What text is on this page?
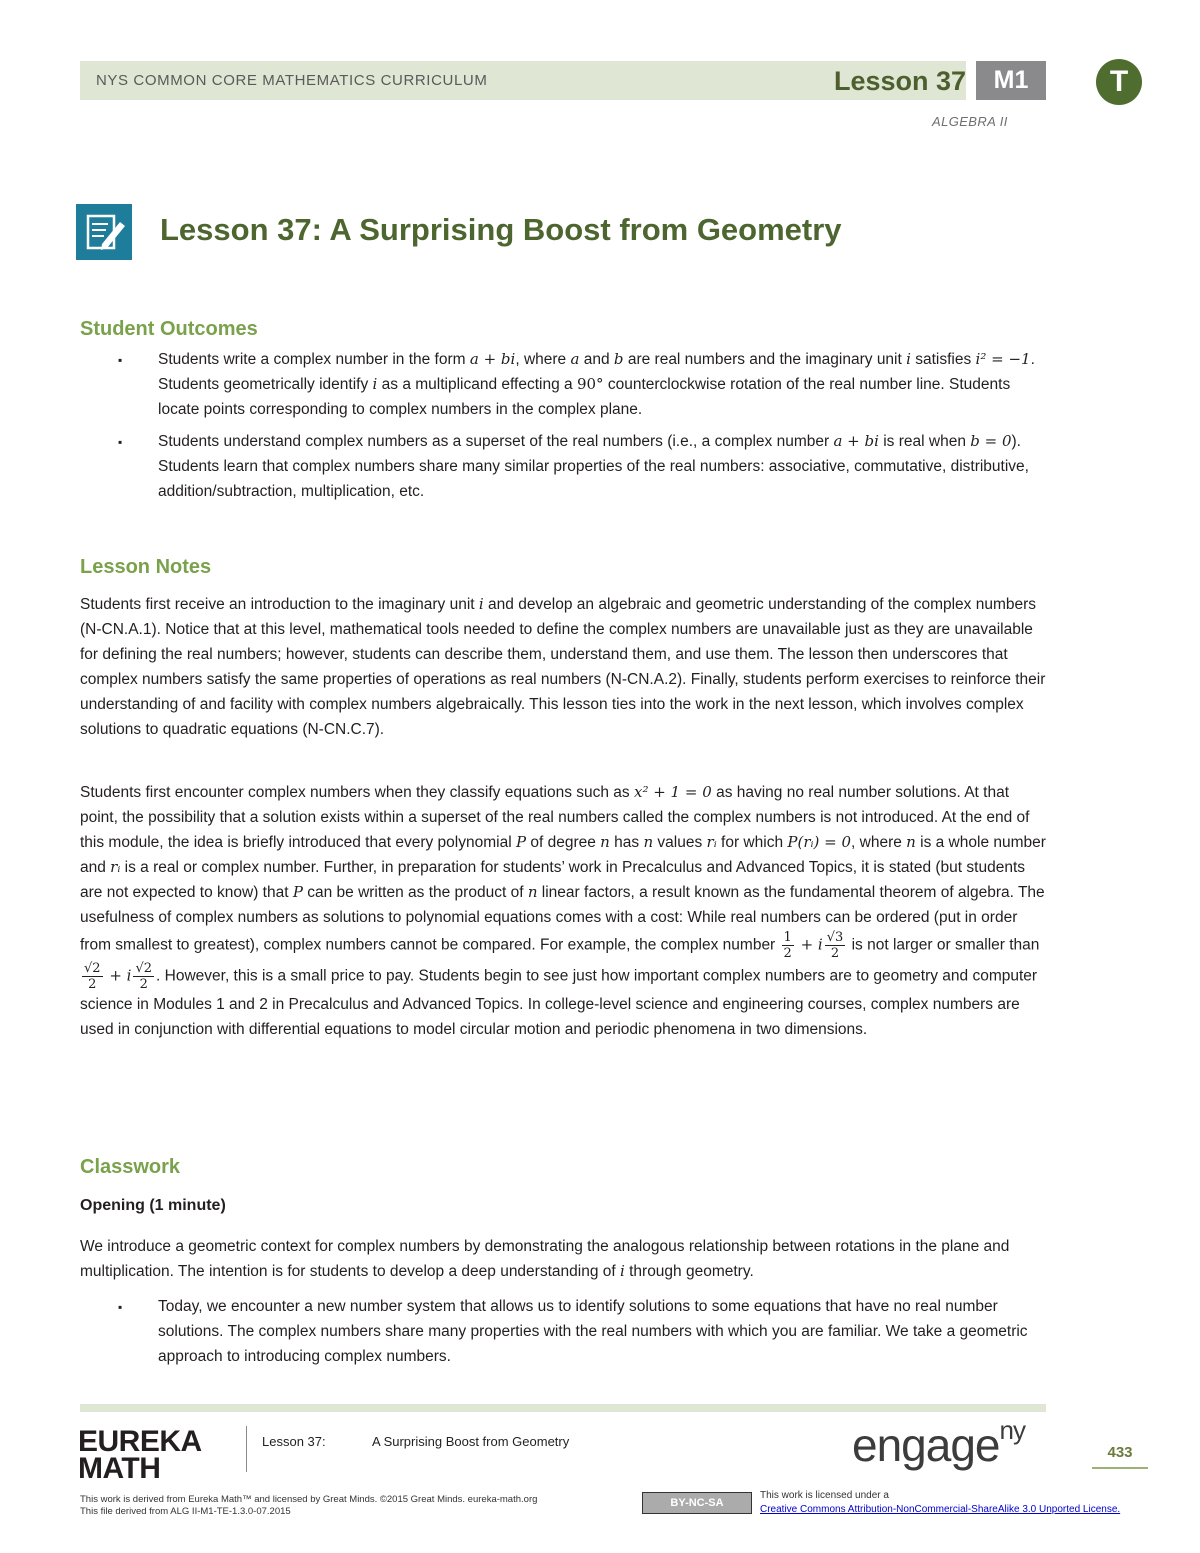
NYS COMMON CORE MATHEMATICS CURRICULUM	Lesson 37	M1	T
ALGEBRA II
Lesson 37: A Surprising Boost from Geometry
Student Outcomes
▪ Students write a complex number in the form a + bi, where a and b are real numbers and the imaginary unit i satisfies i² = −1. Students geometrically identify i as a multiplicand effecting a 90° counterclockwise rotation of the real number line. Students locate points corresponding to complex numbers in the complex plane.
▪ Students understand complex numbers as a superset of the real numbers (i.e., a complex number a + bi is real when b = 0). Students learn that complex numbers share many similar properties of the real numbers: associative, commutative, distributive, addition/subtraction, multiplication, etc.
Lesson Notes

Students first receive an introduction to the imaginary unit i and develop an algebraic and geometric understanding of the complex numbers (N-CN.A.1). Notice that at this level, mathematical tools needed to define the complex numbers are unavailable just as they are unavailable for defining the real numbers; however, students can describe them, understand them, and use them. The lesson then underscores that complex numbers satisfy the same properties of operations as real numbers (N-CN.A.2). Finally, students perform exercises to reinforce their understanding of and facility with complex numbers algebraically. This lesson ties into the work in the next lesson, which involves complex solutions to quadratic equations (N-CN.C.7).

Students first encounter complex numbers when they classify equations such as x² + 1 = 0 as having no real number solutions. At that point, the possibility that a solution exists within a superset of the real numbers called the complex numbers is not introduced. At the end of this module, the idea is briefly introduced that every polynomial P of degree n has n values rᵢ for which P(rᵢ) = 0, where n is a whole number and rᵢ is a real or complex number. Further, in preparation for students’ work in Precalculus and Advanced Topics, it is stated (but students are not expected to know) that P can be written as the product of n linear factors, a result known as the fundamental theorem of algebra. The usefulness of complex numbers as solutions to polynomial equations comes with a cost: While real numbers can be ordered (put in order from smallest to greatest), complex numbers cannot be compared. For example, the complex number $\frac{1}{2} + i \frac{√3}{2}$ is not larger or smaller than
$\frac{√2}{2} + i \frac{√2}{2}$ . However, this is a small price to pay. Students begin to see just how important complex numbers are to geometry and computer science in Modules 1 and 2 in Precalculus and Advanced Topics. In college-level science and engineering courses, complex numbers are used in conjunction with differential equations to model circular motion and periodic phenomena in two dimensions.

Classwork
Opening (1 minute)

We introduce a geometric context for complex numbers by demonstrating the analogous relationship between rotations in the plane and multiplication. The intention is for students to develop a deep understanding of i through geometry.

▪ Today, we encounter a new number system that allows us to identify solutions to some equations that have no real number solutions. The complex numbers share many properties with the real numbers with which you are familiar. We take a geometric approach to introducing complex numbers.
EUREKA
MATH
Lesson 37:	A Surprising Boost from Geometry	engage$^{ny}$
433
This work is derived from Eureka Math™ and licensed by Great Minds. ©2015 Great Minds. eureka-math.org
This file derived from ALG II-M1-TE-1.3.0-07.2015
BY-NC-SA
This work is licensed under a
Creative Commons Attribution-NonCommercial-ShareAlike 3.0 Unported License.
